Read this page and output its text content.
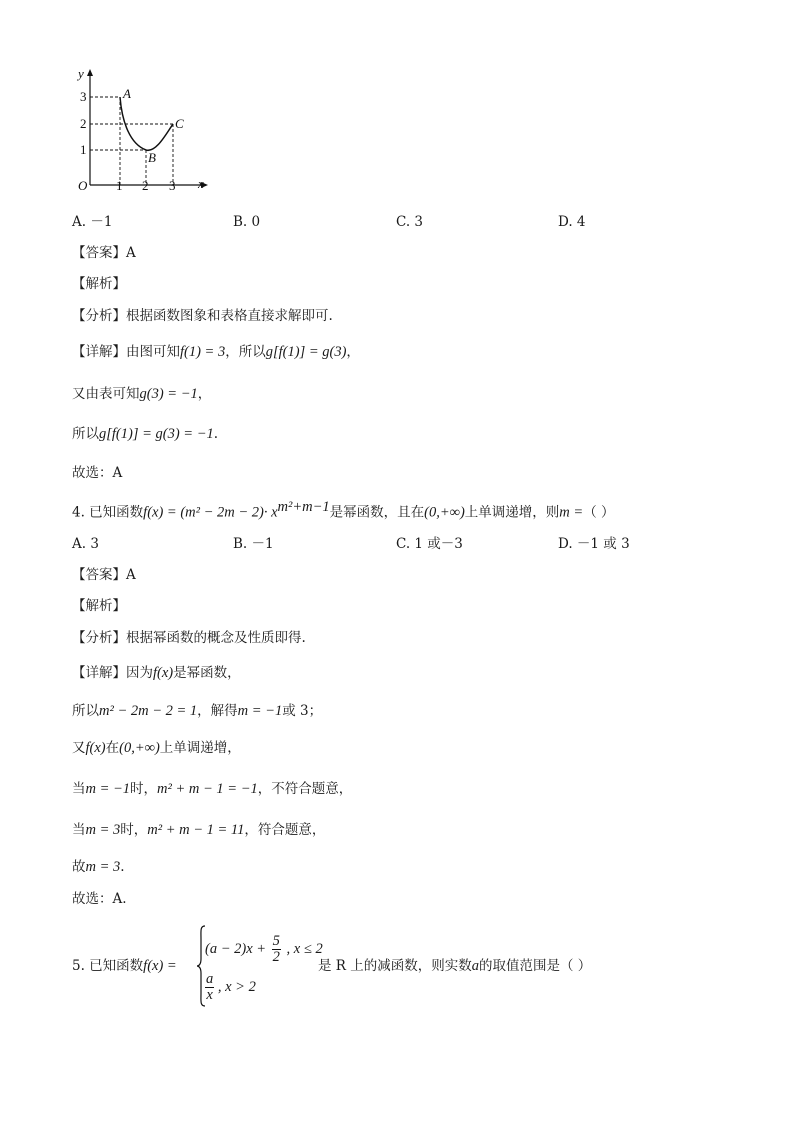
y
x
O
3
2
1
1 2 3
A
B
C
A. －1	B. 0	C. 3	D. 4
【答案】A
【解析】
【分析】根据函数图象和表格直接求解即可.
【详解】由图可知f(1) = 3，所以g[f(1)] = g(3)，
又由表可知g(3) = −1，
所以g[f(1)] = g(3) = −1.
故选：A
4. 已知函数$f(x) = (m^2 - 2m - 2)\cdot x^{m^2+m-1}$是幂函数，且在(0,+∞)上单调递增，则m =（ ）
A. 3	B. －1	C. 1 或－3	D. －1 或 3
【答案】A
【解析】
【分析】根据幂函数的概念及性质即得.
【详解】因为f(x)是幂函数，
所以m² − 2m − 2 = 1，解得m = −1或 3；
又f(x)在(0,+∞)上单调递增，
当m = −1时，m² + m − 1 = −1，不符合题意，
当m = 3时，m² + m − 1 = 11，符合题意，
故m = 3.
故选：A.
5. 已知函数f(x) =
$(a - 2)x + \frac{5}{2}$ , x ≤ 2
$\frac{a}{x}$ , x > 2
是 R 上的减函数，则实数a的取值范围是（ ）
